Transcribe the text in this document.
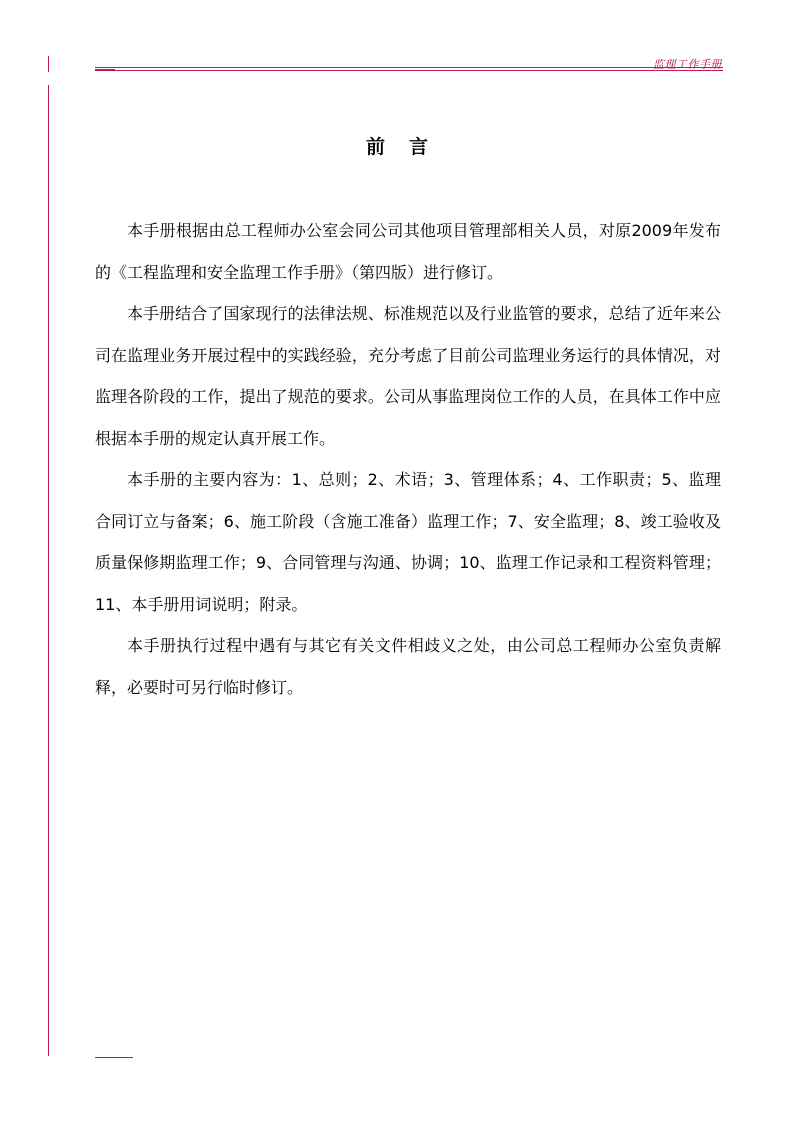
监理工作手册
前言

本手册根据由总工程师办公室会同公司其他项目管理部相关人员，对原2009年发布的《工程监理和安全监理工作手册》（第四版）进行修订。

本手册结合了国家现行的法律法规、标准规范以及行业监管的要求，总结了近年来公司在监理业务开展过程中的实践经验，充分考虑了目前公司监理业务运行的具体情况，对监理各阶段的工作，提出了规范的要求。公司从事监理岗位工作的人员，在具体工作中应根据本手册的规定认真开展工作。

本手册的主要内容为：1、总则；2、术语；3、管理体系；4、工作职责；5、监理合同订立与备案；6、施工阶段（含施工准备）监理工作；7、安全监理；8、竣工验收及质量保修期监理工作；9、合同管理与沟通、协调；10、监理工作记录和工程资料管理；11、本手册用词说明；附录。

本手册执行过程中遇有与其它有关文件相歧义之处，由公司总工程师办公室负责解释，必要时可另行临时修订。
